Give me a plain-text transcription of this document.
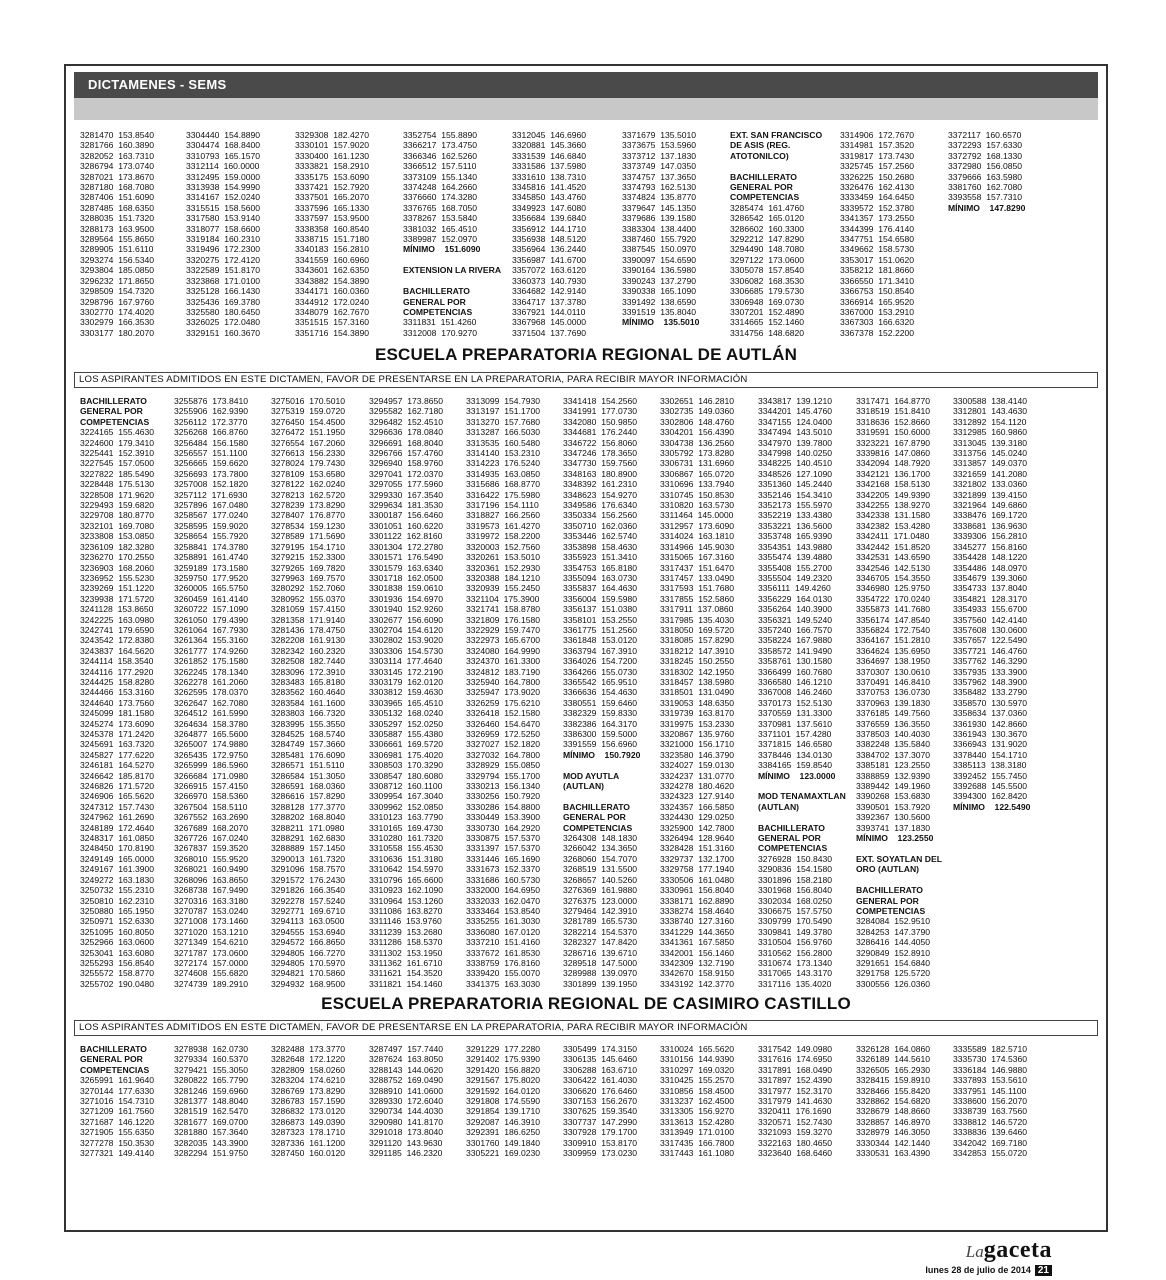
DICTAMENES - SEMS
3281470  153.8540
3281766  160.3890
3282052  163.7310
3286794  173.0740
3287021  173.8670
3287180  168.7080
3287406  151.6090
3287485  168.6350
3288035  151.7320
3288173  163.9500
3289564  155.8650
3289905  151.6110
3293274  156.5340
3293804  185.0850
3296232  171.8650
3298509  154.7320
3298796  167.9760
3302770  174.4020
3302979  166.3530
3303177  180.2070
3304440  154.8890
3304474  168.8400
3310793  165.1570
3312114  160.0000
3312495  159.0000
3313938  154.9990
3314167  152.0240
3315515  158.5600
3317580  153.9140
3318077  158.6600
3319184  160.2310
3319496  172.2300
3320275  172.4120
3322589  151.8170
3323868  171.0100
3325128  166.1430
3325436  169.3780
3325580  180.6450
3326025  172.0480
3329151  160.3670
3329308  182.4270
3330101  157.9020
3330400  161.1230
3333821  158.2910
3335175  153.6090
3337421  152.7920
3337501  165.2070
3337596  165.1330
3337597  153.9500
3338358  160.8540
3338715  151.7180
3340183  156.2810
3341559  160.6960
3343601  162.6350
3343882  154.3890
3344171  160.0360
3344912  172.0240
3348079  162.7670
3351515  157.3160
3351716  154.3890
3352754  155.8890
3366217  173.4750
3366346  162.5260
3366512  157.5110
3373109  155.1340
3374248  164.2660
3376660  174.3280
3376765  168.7050
3378267  153.5840
3381032  165.4510
3389987  152.0970
MÍNIMO    151.6090

EXTENSION LA RIVERA

BACHILLERATO
GENERAL POR
COMPETENCIAS
3311831  151.4260
3312008  170.9270
3312045  146.6960
3320881  145.3660
3331539  146.6840
3331586  137.5980
3331610  138.7310
3345816  141.4520
3345850  143.4760
3349923  147.6080
3356684  139.6840
3356912  144.1710
3356938  148.5120
3356964  136.2440
3356987  141.6700
3357072  163.6120
3360373  140.7930
3364682  142.9140
3364717  137.3780
3367921  144.0110
3367968  145.0000
3371504  137.7690
3371679  135.5010
3373675  153.5960
3373712  137.1830
3373749  147.0350
3374757  137.3650
3374793  162.5130
3374824  135.8770
3379647  145.1350
3379686  139.1580
3383304  138.4400
3387460  155.7920
3387545  150.0970
3390097  154.6590
3390164  136.5980
3390243  137.2790
3390338  165.1090
3391492  138.6590
3391519  135.8040
MÍNIMO    135.5010
EXT. SAN FRANCISCO
DE ASIS (REG.
ATOTONILCO)

BACHILLERATO
GENERAL POR
COMPETENCIAS
3285474  161.4760
3286542  165.0120
3286602  160.3300
3292212  147.8290
3294490  148.7080
3297122  173.0600
3305078  157.8540
3306082  168.3530
3306685  179.5730
3306948  169.0730
3307201  152.4890
3314665  152.1460
3314756  148.6820
3314906  172.7670
3314981  157.3520
3319817  173.7430
3325745  157.2560
3326225  150.2680
3326476  162.4130
3333459  164.6450
3339572  152.3780
3341357  173.2550
3344399  176.4140
3347751  154.6580
3349662  158.5730
3353017  151.0620
3358212  181.8660
3366550  171.3410
3366753  150.8540
3366914  165.9520
3367000  153.2910
3367303  166.6320
3367378  152.2200
3372117  160.6570
3372293  157.6330
3372792  168.1330
3372980  156.0850
3379666  163.5980
3381760  162.7080
3393558  157.7310
MÍNIMO    147.8290
ESCUELA PREPARATORIA REGIONAL DE AUTLÁN
LOS ASPIRANTES ADMITIDOS EN ESTE DICTAMEN, FAVOR DE PRESENTARSE EN LA PREPARATORIA, PARA RECIBIR MAYOR INFORMACIÓN
BACHILLERATO
GENERAL POR
COMPETENCIAS
3224165  155.4630
3224600  179.3410
3225441  152.3910
3227545  157.0500
3227822  185.5490
3228448  175.5130
3228508  171.9620
3229493  159.6820
3229708  180.8770
3232101  169.7080
3233808  153.0850
3236109  182.3280
3236270  170.2550
3236903  168.2060
3236952  155.5230
3239269  151.1220
3239938  171.5720
3241128  153.8650
3242225  163.0980
3242741  179.6590
3243542  172.8380
3243837  164.5620
3244114  158.3540
3244116  177.2920
3244425  158.8280
3244466  153.3160
3244640  173.7560
3245099  181.1580
3245274  173.6090
3245378  171.2420
3245691  163.7320
3245827  177.6220
3246181  164.5270
3246642  185.8170
3246826  171.5720
3246906  165.5620
3247312  157.7430
3247962  161.2690
3248189  172.4640
3248317  161.0850
3248450  170.8190
3249149  165.0000
3249167  161.3900
3249272  163.1830
3250732  155.2310
3250810  162.2310
3250880  165.1950
3250971  152.6330
3251095  160.8050
3252966  163.0600
3253041  163.6080
3255293  156.8540
3255572  158.8770
3255702  190.0480
3255876  173.8410
3255906  162.9390
3256112  172.3770
3256268  166.8760
3256484  156.1580
3256557  151.1100
3256665  159.6620
3256693  173.7800
3257008  152.1820
3257112  171.6930
3257896  167.0480
3258567  177.0240
3258595  159.9020
3258654  155.7920
3258841  174.3780
3258891  161.4740
3259189  173.1580
3259750  177.9520
3260005  165.5750
3260459  161.4140
3260722  157.1090
3261050  179.4390
3261064  167.7930
3261364  155.3160
3261777  174.9260
3261852  175.1580
3262245  178.1340
3262278  161.2060
3262595  178.0370
3262647  162.7080
3264512  161.5990
3264634  158.3780
3264877  165.5600
3265007  174.9880
3265435  172.9750
3265999  186.5960
3266684  171.0980
3266915  157.4150
3266970  158.5360
3267504  158.5110
3267552  163.2690
3267689  168.2070
3267726  167.0240
3267837  159.3520
3268010  155.9520
3268021  160.9490
3268096  163.8650
3268738  167.9490
3270316  163.3180
3270787  153.0240
3271008  173.1460
3271020  153.1210
3271349  154.6210
3271787  173.0600
3272174  157.0000
3274608  155.6820
3274739  189.2910
3275016  170.5010
3275319  159.0720
3276450  154.4500
3276472  151.1950
3276554  167.2060
3276613  156.2330
3278024  179.7430
3278109  153.6580
3278122  162.0240
3278213  162.5720
3278239  173.8290
3278407  176.8770
3278534  159.1230
3278589  171.5690
3279195  154.1710
3279215  152.3300
3279265  169.7820
3279963  169.7570
3280292  152.7060
3280952  155.0370
3281059  157.4150
3281358  171.9140
3281436  178.4750
3282208  161.9130
3282342  160.2320
3282508  182.7440
3283096  172.3910
3283483  165.8180
3283562  160.4640
3283584  161.1600
3283803  166.7320
3283995  155.3550
3284525  168.5740
3284749  157.3660
3285481  176.6090
3286571  151.5110
3286584  151.3050
3286591  168.0360
3286616  157.8290
3288128  177.3770
3288202  168.8040
3288211  171.0980
3288291  162.6830
3288889  157.1450
3290013  161.7320
3291096  158.7570
3291572  176.2430
3291826  166.3540
3292278  157.5240
3292771  169.6710
3294113  163.0500
3294555  153.6940
3294572  166.8650
3294805  166.7270
3294805  170.5970
3294821  170.5860
3294932  168.9500
3294957  173.8650
3295582  162.7180
3296482  152.4510
3296636  178.0840
3296691  168.8040
3296766  157.4760
3296940  158.9760
3297041  172.0370
3297055  177.5960
3299330  167.3540
3299634  181.3530
3300187  156.6460
3301051  160.6220
3301122  162.8160
3301304  172.2780
3301571  176.5490
3301579  163.6340
3301718  162.0500
3301838  159.0610
3301936  154.6970
3301940  152.9260
3302677  156.6090
3302704  154.6120
3302802  153.9020
3303306  154.5730
3303114  177.4640
3303145  172.2190
3303179  162.0120
3303812  159.4630
3303965  165.4510
3305132  168.0240
3305297  152.0250
3305887  155.4380
3306661  169.5720
3306981  175.4020
3308503  170.3290
3308547  180.6080
3308712  160.1100
3309954  167.3040
3309962  152.0850
3310123  163.7790
3310165  169.4730
3310280  161.7320
3310558  155.4530
3310636  151.3180
3310642  154.5970
3310796  165.6600
3310923  162.1090
3310964  153.1260
3311086  163.8270
3311146  153.9760
3311239  153.2680
3311286  158.5370
3311302  153.1950
3311362  161.6710
3311621  154.3520
3311821  154.1460
3313099  154.7930
3313197  151.1700
3313270  157.7680
3313287  166.5030
3313535  160.5480
3314140  153.2310
3314223  176.5240
3314935  163.0850
3315686  168.8770
3316422  175.5980
3317196  154.1110
3318827  166.2560
3319573  161.4270
3319972  158.2200
3320003  152.7560
3320261  153.5010
3320361  152.2930
3320388  184.1210
3320939  155.2450
3321104  175.3900
3321741  158.8780
3321809  176.1580
3322929  159.7470
3322973  165.6700
3324080  164.9990
3324370  161.3300
3324812  183.7190
3325940  164.7800
3325947  173.9020
3326259  175.6210
3326418  152.1580
3326460  154.6470
3326959  172.5250
3327027  152.1820
3327032  164.7800
3328929  155.0850
3329794  155.1700
3330213  156.1340
3330256  150.7920
3330286  154.8800
3330449  153.3900
3330730  164.2920
3330875  157.5370
3331397  157.5370
3331446  165.1690
3331673  152.3370
3331686  160.5730
3332000  164.6950
3332033  162.0470
3333464  153.8540
3335255  161.3030
3336080  167.0120
3337210  151.4160
3337672  161.8530
3338759  176.8160
3339420  155.0070
3341375  163.3030
3341418  154.2560
3341991  177.0730
3342080  150.9850
3344681  176.2440
3346722  156.8060
3347246  178.3650
3347730  159.7560
3348163  180.8900
3348392  161.2310
3348623  154.9270
3349586  176.6340
3350334  156.2560
3350710  162.0360
3353446  162.5740
3353898  158.4630
3355923  151.3410
3354753  165.8180
3355094  163.0730
3355837  164.4630
3356004  159.5980
3356137  151.0380
3358101  153.2550
3361775  151.2560
3361848  153.0120
3363794  167.3910
3364026  154.7200
3364266  155.0730
3365542  165.9510
3366636  154.4630
3380551  159.6460
3382329  159.8330
3382386  164.3170
3386300  159.5000
3391559  156.6960
MÍNIMO    150.7920

MOD AYUTLA
(AUTLAN)

BACHILLERATO
GENERAL POR
COMPETENCIAS
3264308  148.1830
3266042  134.3650
3268060  154.7070
3268519  131.5500
3268657  140.5260
3276369  161.9880
3276375  123.0000
3279464  142.3910
3281789  165.5730
3282214  154.5370
3282327  147.8420
3286716  139.6710
3289518  147.5000
3289988  139.0970
3301899  139.1950
3302651  146.2810
3302735  149.0360
3302806  148.4760
3304201  156.4390
3304738  136.2560
3305792  173.8280
3306731  131.6960
3306867  165.0720
3310696  133.7940
3310745  150.8530
3310820  163.5730
3311464  145.0000
3312957  173.6090
3314024  163.1810
3314966  145.9030
3315065  167.3160
3317437  151.6470
3317457  133.0490
3317593  151.7680
3317855  152.5860
3317911  137.0860
3317985  135.4030
3318050  169.5720
3318085  157.8290
3318212  147.3910
3318245  150.2550
3318302  142.1950
3318457  138.5980
3318501  131.0490
3319053  148.6350
3319739  163.8170
3319975  153.2330
3320867  135.9760
3321000  156.1710
3323580  146.3790
3324027  159.0130
3324237  131.0770
3324278  180.4620
3324323  127.9140
3324357  166.5850
3324430  129.0250
3325900  142.7800
3326494  128.9640
3328428  151.3160
3329737  132.1700
3329758  177.1940
3330506  161.0480
3330961  156.8040
3338171  162.8890
3338274  158.4640
3338740  127.3160
3341229  144.3650
3341361  167.5850
3342001  156.1460
3342309  132.7190
3342670  158.9150
3343192  142.3770
3343817  139.1210
3344201  145.4760
3347155  124.0400
3347494  143.5010
3347970  139.7800
3347998  140.0250
3348225  140.4510
3348526  127.1090
3351360  145.2440
3352146  154.3410
3352173  155.5970
3352219  133.4380
3353221  136.5600
3353748  165.9390
3354351  143.9880
3355474  139.4880
3355408  155.2700
3355504  149.2320
3356111  149.4260
3356229  164.0130
3356264  140.3900
3356321  149.5240
3357240  166.7570
3358224  167.9880
3358572  141.9490
3358761  130.1580
3366499  160.7680
3366580  146.1210
3367008  146.2460
3370173  152.5130
3370559  131.3300
3370981  137.5610
3371101  157.4280
3371815  146.6580
3378446  134.0130
3384165  159.8540
MÍNIMO    123.0000

MOD TENAMAXTLAN
(AUTLAN)

BACHILLERATO
GENERAL POR
COMPETENCIAS
3276928  150.8430
3290836  154.1580
3301896  158.2180
3301968  156.8040
3302034  168.0250
3306675  157.5750
3309799  170.5490
3309841  149.3780
3310504  156.9760
3310562  156.2800
3310674  173.1340
3317065  143.3170
3317116  135.4020
3317471  164.8770
3318519  151.8410
3318636  152.8660
3319591  150.6000
3323221  167.8790
3339816  147.0860
3342094  148.7920
3342121  136.1700
3342168  158.5130
3342205  149.9390
3342255  138.9270
3342338  131.1580
3342382  153.4280
3342411  171.0480
3342442  151.8520
3342531  143.6590
3342546  142.5130
3346705  154.3550
3346980  125.9750
3354722  170.0240
3355873  141.7680
3356174  147.8540
3356824  172.7540
3364167  151.2810
3364624  135.6950
3364697  138.1950
3370307  130.0610
3370491  146.8410
3370753  136.0730
3370963  139.1830
3376185  149.7560
3376559  136.3550
3378503  140.4030
3382248  135.5840
3384702  137.3070
3385181  123.2550
3388859  132.9390
3389442  149.1960
3390268  153.6830
3390501  153.7920
3392367  130.5600
3393741  137.1830
MÍNIMO    123.2550

EXT. SOYATLAN DEL
ORO (AUTLAN)

BACHILLERATO
GENERAL POR
COMPETENCIAS
3284084  152.9510
3284253  147.3790
3286416  144.4050
3290849  152.8910
3291651  154.6840
3291758  125.5720
3300556  126.0360
3300588  138.4140
3312801  143.4630
3312892  154.1120
3312985  160.9860
3313045  139.3180
3313756  145.0240
3313857  149.0370
3321659  141.2080
3321802  133.0360
3321899  139.4150
3321964  149.6860
3338476  169.1720
3338681  136.9630
3339306  156.2810
3345277  156.8160
3354428  148.1220
3354486  148.0970
3354679  139.3060
3354733  137.8040
3354821  128.3170
3354933  155.6700
3357560  142.4140
3357608  130.0600
3357657  122.5490
3357721  146.4760
3357762  146.3290
3357935  133.3900
3357962  148.3900
3358482  133.2790
3358570  130.5970
3358634  137.0360
3361930  142.8660
3361943  130.3670
3366943  131.9020
3378440  154.1710
3385113  138.3180
3392452  155.7450
3392688  145.5500
3394300  162.8420
MÍNIMO    122.5490
ESCUELA PREPARATORIA REGIONAL DE CASIMIRO CASTILLO
LOS ASPIRANTES ADMITIDOS EN ESTE DICTAMEN, FAVOR DE PRESENTARSE EN LA PREPARATORIA, PARA RECIBIR MAYOR INFORMACIÓN
BACHILLERATO
GENERAL POR
COMPETENCIAS
3265991  161.9640
3270144  177.6330
3271016  154.7310
3271209  161.7560
3271687  146.1220
3271905  155.6350
3277278  150.3530
3277321  149.4140
3278938  162.0730
3279334  160.5370
3279421  155.3050
3280822  165.7790
3281246  159.6960
3281377  148.8040
3281519  162.5470
3281677  169.0700
3281880  157.3640
3282035  143.3900
3282294  151.9750
3282488  173.3770
3282648  172.1220
3282809  158.0260
3283204  174.6210
3286769  173.8290
3286783  157.1590
3286832  173.0120
3286873  149.0390
3287323  178.1710
3287336  161.1200
3287450  160.0120
3287497  157.7440
3287624  163.8050
3288143  144.0620
3288752  169.0490
3288910  141.0600
3289330  172.6040
3290734  144.4030
3290980  141.8170
3291018  173.8040
3291120  143.9630
3291185  146.2320
3291229  177.2280
3291402  175.9390
3291420  156.8820
3291567  175.8020
3291592  164.0120
3291808  174.5590
3291854  139.1710
3292087  146.3910
3292391  186.6250
3301760  149.1840
3305221  169.0230
3305499  174.3150
3306135  145.6460
3306288  163.6710
3306422  161.4030
3306620  176.6460
3307153  156.2670
3307625  159.3540
3307737  147.2990
3307928  179.1700
3309910  153.8170
3309959  173.0230
3310024  165.5620
3310156  144.9390
3310297  169.0320
3310425  155.2570
3310856  158.4500
3313237  162.4500
3313305  156.9270
3313613  152.4280
3313949  171.0100
3317435  166.7800
3317443  161.1080
3317542  149.0980
3317616  174.6950
3317891  168.0490
3317897  152.4390
3317977  152.3170
3317979  141.4630
3320411  176.1690
3320571  152.7430
3321093  159.3270
3322163  180.4650
3323640  168.6460
3326128  164.0860
3326189  144.5610
3326505  165.2930
3328415  159.8910
3328466  155.8420
3328862  154.6820
3328679  148.8660
3328857  146.8970
3328979  146.3050
3330344  142.1440
3330531  163.4390
3335589  182.5710
3335730  174.5360
3336184  146.9880
3337893  153.5610
3337951  145.1100
3338600  156.2070
3338739  163.7560
3338812  146.5720
3338836  139.6460
3342042  169.7180
3342853  155.0720
Lagaceta
lunes 28 de julio de 2014 21
